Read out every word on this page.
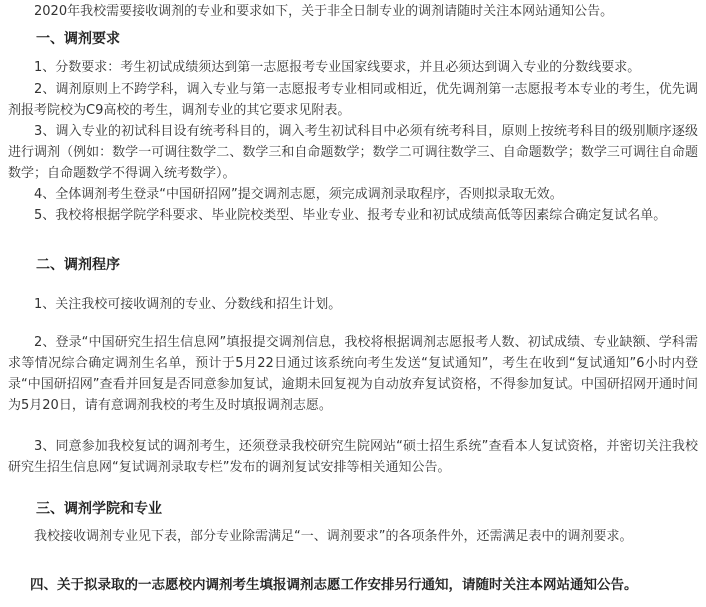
2020年我校需要接收调剂的专业和要求如下，关于非全日制专业的调剂请随时关注本网站通知公告。
一、调剂要求
1、分数要求：考生初试成绩须达到第一志愿报考专业国家线要求，并且必须达到调入专业的分数线要求。
2、调剂原则上不跨学科，调入专业与第一志愿报考专业相同或相近，优先调剂第一志愿报考本专业的考生，优先调剂报考院校为C9高校的考生，调剂专业的其它要求见附表。
3、调入专业的初试科目设有统考科目的，调入考生初试科目中必须有统考科目，原则上按统考科目的级别顺序逐级进行调剂（例如：数学一可调往数学二、数学三和自命题数学；数学二可调往数学三、自命题数学；数学三可调往自命题数学；自命题数学不得调入统考数学）。
4、全体调剂考生登录“中国研招网”提交调剂志愿，须完成调剂录取程序，否则拟录取无效。
5、我校将根据学院学科要求、毕业院校类型、毕业专业、报考专业和初试成绩高低等因素综合确定复试名单。
二、调剂程序
1、关注我校可接收调剂的专业、分数线和招生计划。
2、登录“中国研究生招生信息网”填报提交调剂信息，我校将根据调剂志愿报考人数、初试成绩、专业缺额、学科需求等情况综合确定调剂生名单，预计于5月22日通过该系统向考生发送“复试通知”，考生在收到“复试通知”6小时内登录“中国研招网”查看并回复是否同意参加复试，逾期未回复视为自动放弃复试资格，不得参加复试。中国研招网开通时间为5月20日，请有意调剂我校的考生及时填报调剂志愿。
3、同意参加我校复试的调剂考生，还须登录我校研究生院网站“硕士招生系统”查看本人复试资格，并密切关注我校研究生招生信息网“复试调剂录取专栏”发布的调剂复试安排等相关通知公告。
三、调剂学院和专业
我校接收调剂专业见下表，部分专业除需满足“一、调剂要求”的各项条件外，还需满足表中的调剂要求。
四、关于拟录取的一志愿校内调剂考生填报调剂志愿工作安排另行通知，请随时关注本网站通知公告。
